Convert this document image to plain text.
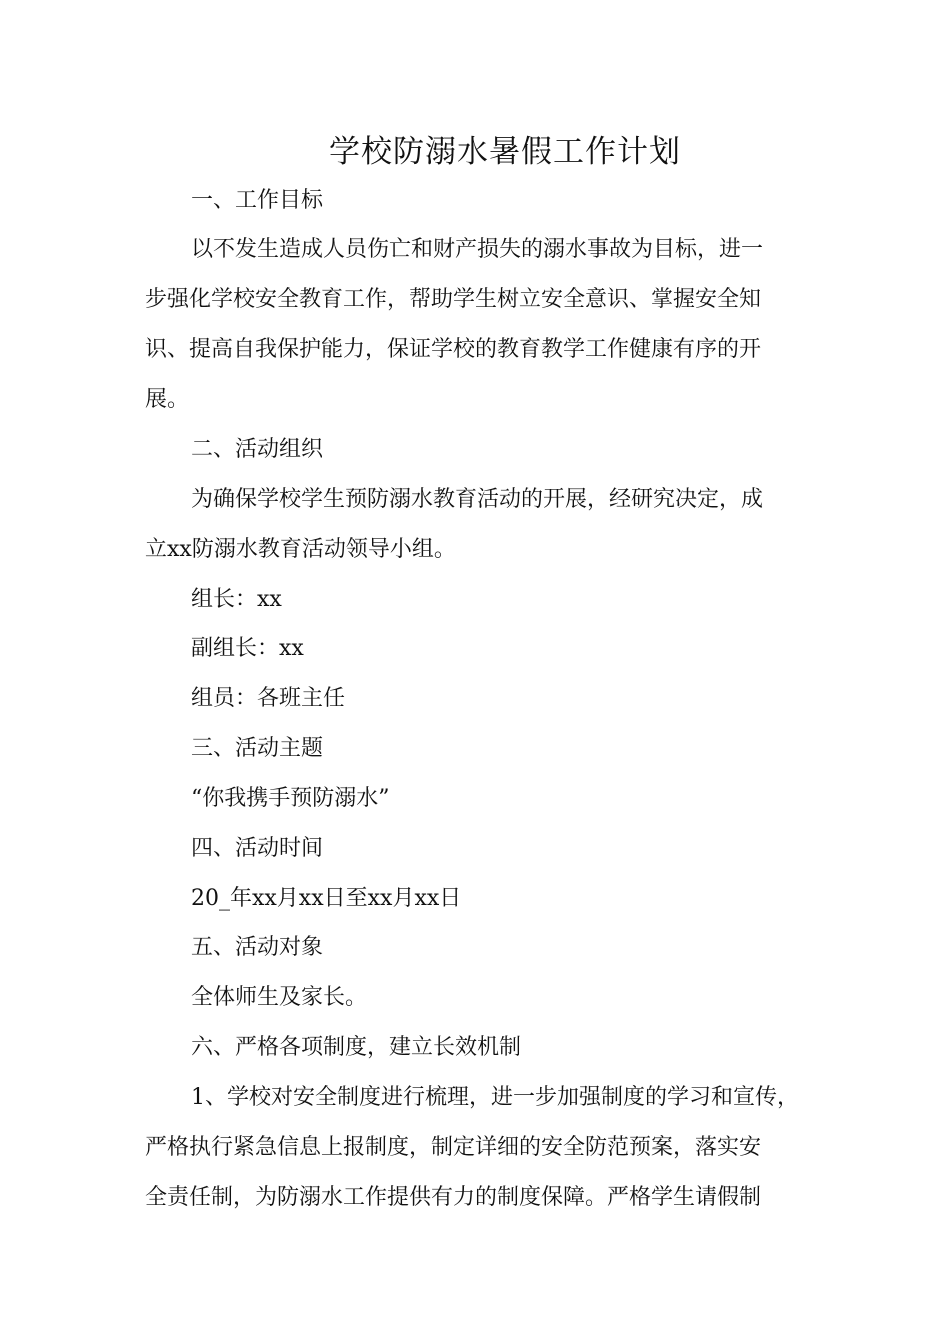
学校防溺水暑假工作计划

一、工作目标

以不发生造成人员伤亡和财产损失的溺水事故为目标，进一

步强化学校安全教育工作，帮助学生树立安全意识、掌握安全知

识、提高自我保护能力，保证学校的教育教学工作健康有序的开

展。

二、活动组织

为确保学校学生预防溺水教育活动的开展，经研究决定，成

立xx防溺水教育活动领导小组。

组长：xx

副组长：xx

组员：各班主任

三、活动主题

“你我携手预防溺水”

四、活动时间

20_年xx月xx日至xx月xx日

五、活动对象

全体师生及家长。

六、严格各项制度，建立长效机制

1、学校对安全制度进行梳理，进一步加强制度的学习和宣传，

严格执行紧急信息上报制度，制定详细的安全防范预案，落实安

全责任制，为防溺水工作提供有力的制度保障。严格学生请假制
